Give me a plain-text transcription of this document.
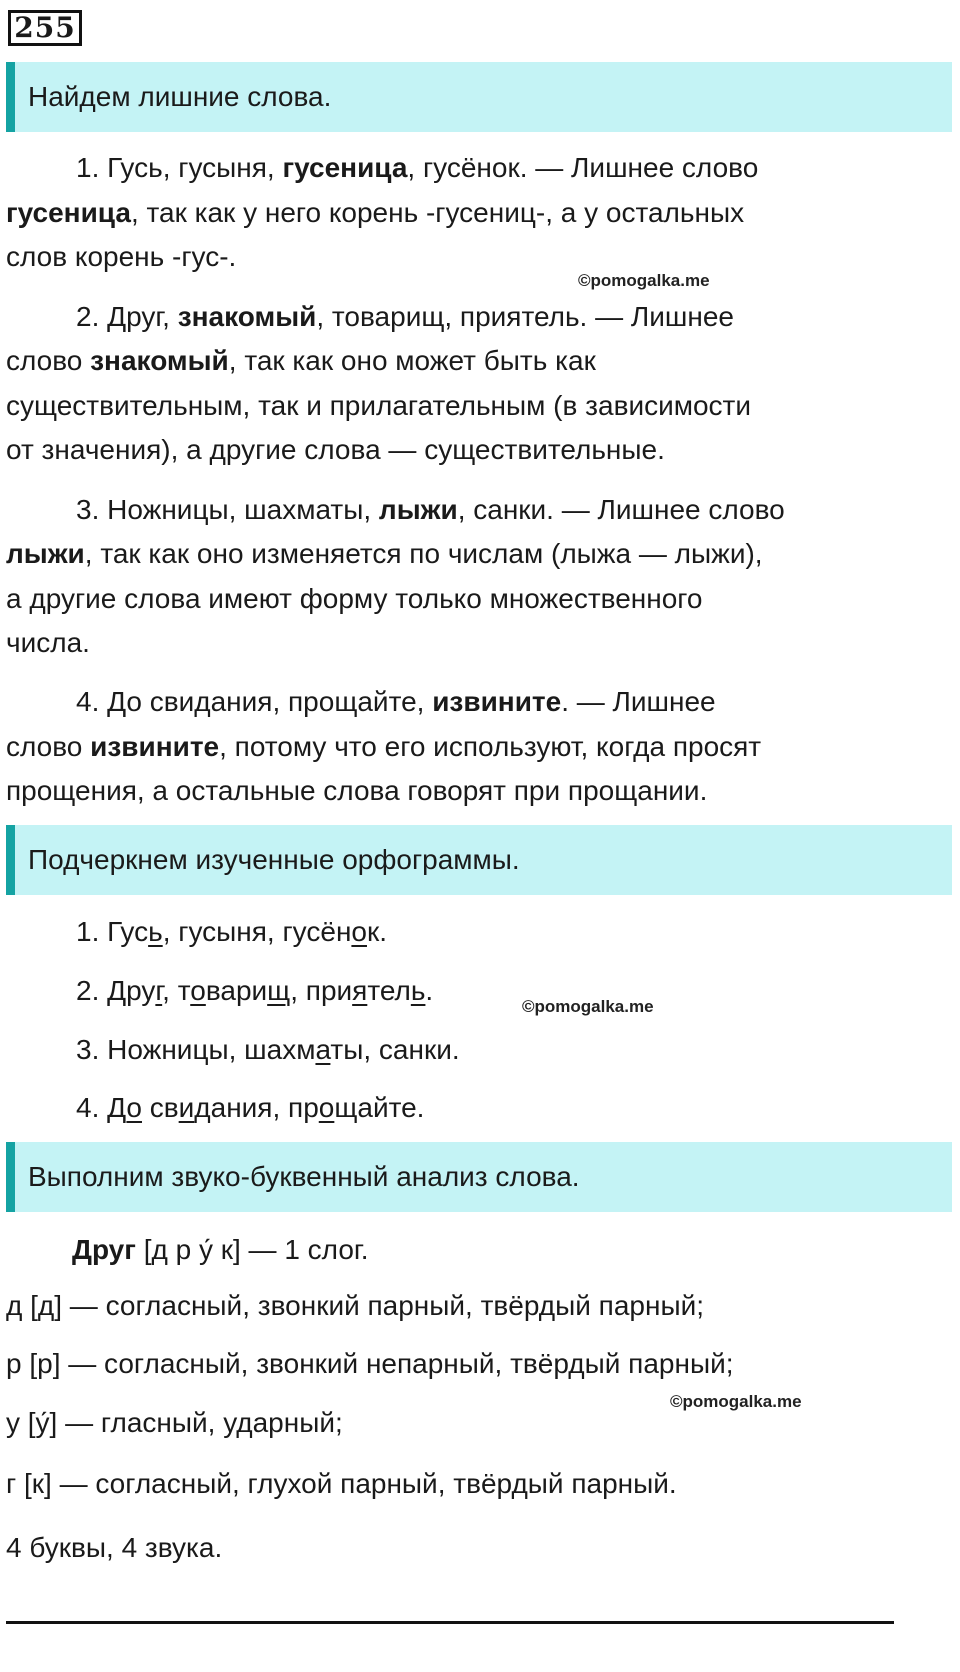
255
Найдем лишние слова.
1. Гусь, гусыня, гусеница, гусёнок. — Лишнее слово
гусеница, так как у него корень -гусениц-, а у остальных
слов корень -гус-.
©pomogalka.me
2. Друг, знакомый, товарищ, приятель. — Лишнее
слово знакомый, так как оно может быть как
существительным, так и прилагательным (в зависимости
от значения), а другие слова — существительные.
3. Ножницы, шахматы, лыжи, санки. — Лишнее слово
лыжи, так как оно изменяется по числам (лыжа — лыжи),
а другие слова имеют форму только множественного
числа.
4. До свидания, прощайте, извините. — Лишнее
слово извините, потому что его используют, когда просят
прощения, а остальные слова говорят при прощании.
Подчеркнем изученные орфограммы.
1. Гусь, гусыня, гусёнок.
2. Друг, товарищ, приятель.
©pomogalka.me
3. Ножницы, шахматы, санки.
4. До свидания, прощайте.
Выполним звуко-буквенный анализ слова.
Друг [д р у́ к] — 1 слог.
д [д] — согласный, звонкий парный, твёрдый парный;
р [р] — согласный, звонкий непарный, твёрдый парный;
©pomogalka.me
у [у́] — гласный, ударный;
г [к] — согласный, глухой парный, твёрдый парный.
4 буквы, 4 звука.
